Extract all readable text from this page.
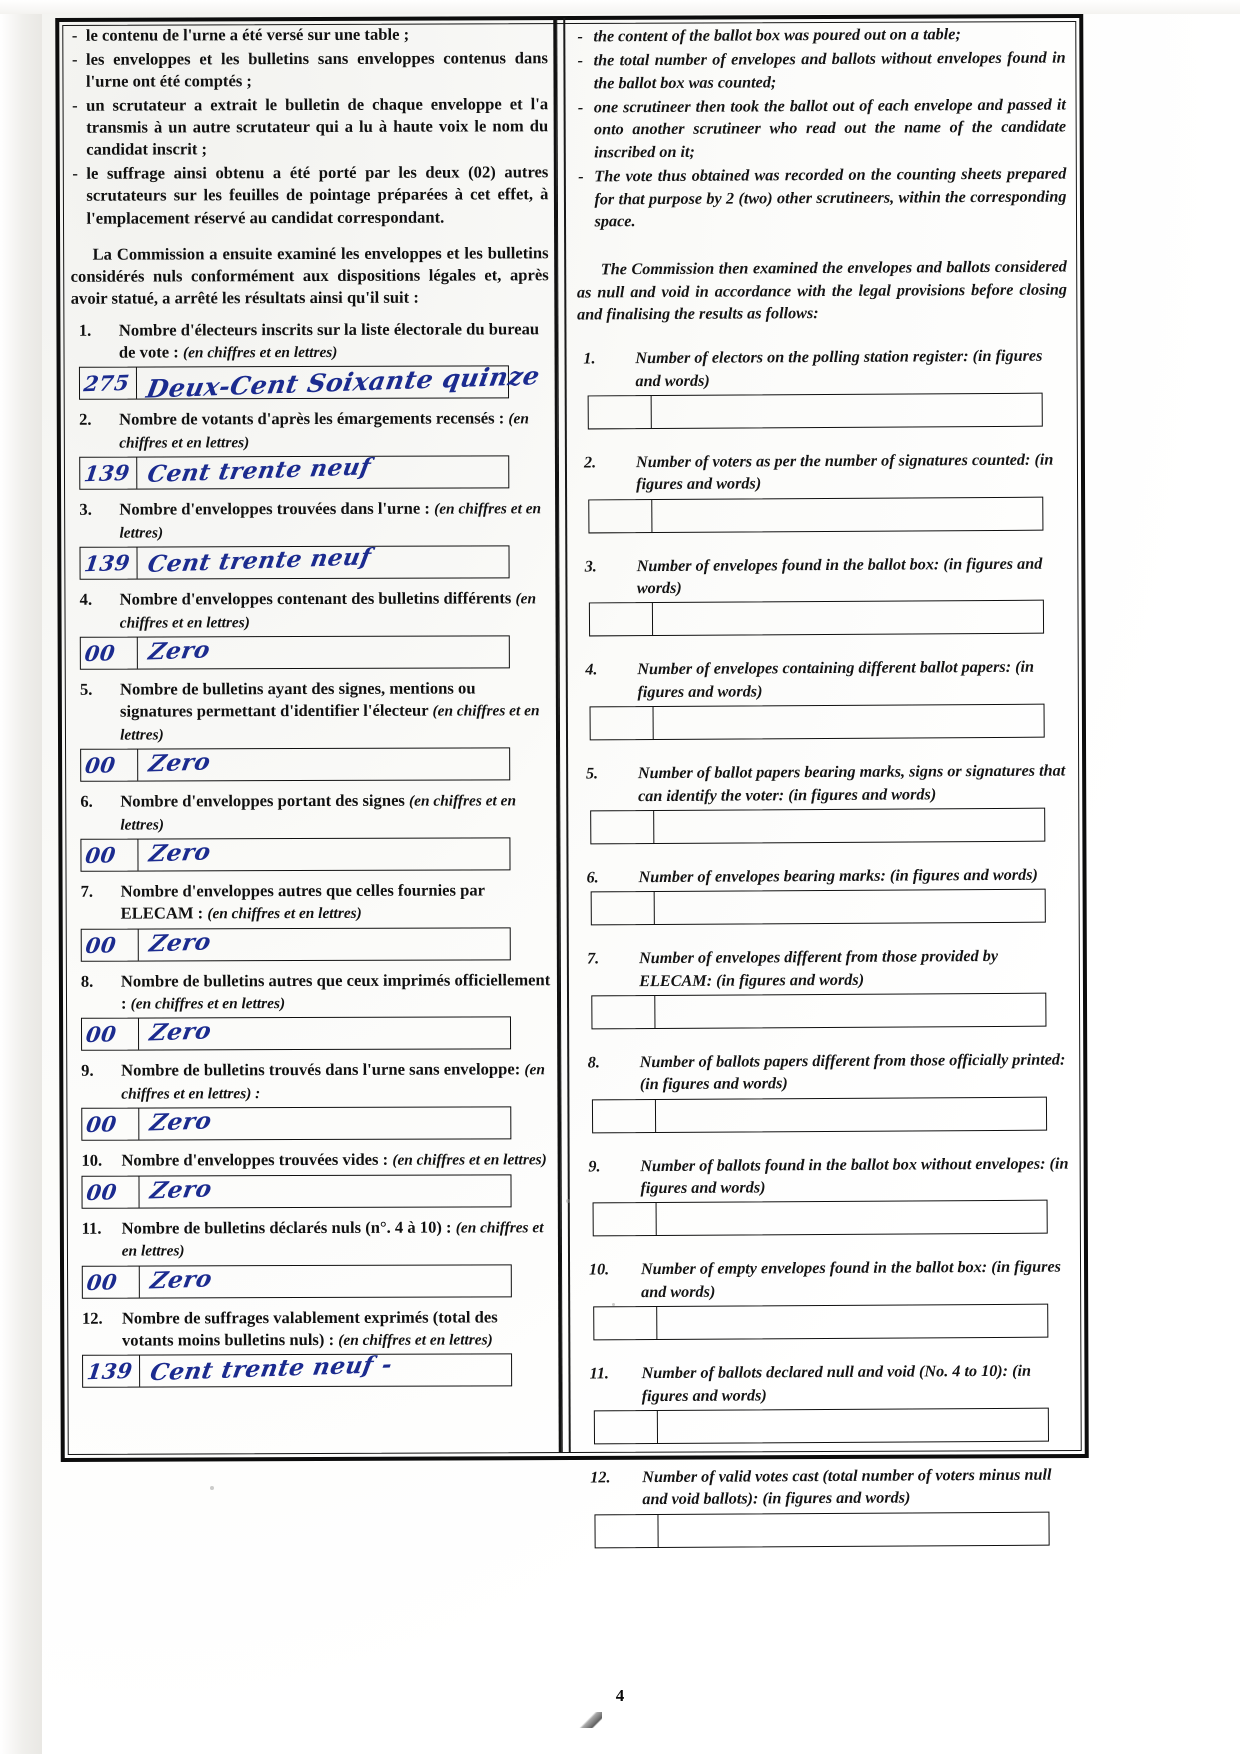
- le contenu de l'urne a été versé sur une table ;
- les enveloppes et les bulletins sans enveloppes contenus dans l'urne ont été comptés ;
- un scrutateur a extrait le bulletin de chaque enveloppe et l'a transmis à un autre scrutateur qui a lu à haute voix le nom du candidat inscrit ;
- le suffrage ainsi obtenu a été porté par les deux (02) autres scrutateurs sur les feuilles de pointage préparées à cet effet, à l'emplacement réservé au candidat correspondant.

La Commission a ensuite examiné les enveloppes et les bulletins considérés nuls conformément aux dispositions légales et, après avoir statué, a arrêté les résultats ainsi qu'il suit :

1.	Nombre d'électeurs inscrits sur la liste électorale du bureau de vote : (en chiffres et en lettres)
275 Deux-Cent Soixante quinze
2.	Nombre de votants d'après les émargements recensés : (en chiffres et en lettres)
139 Cent trente neuf
3.	Nombre d'enveloppes trouvées dans l'urne : (en chiffres et en lettres)
139 Cent trente neuf
4.	Nombre d'enveloppes contenant des bulletins différents (en chiffres et en lettres)
00 Zero
5.	Nombre de bulletins ayant des signes, mentions ou signatures permettant d'identifier l'électeur (en chiffres et en lettres)
00 Zero
6.	Nombre d'enveloppes portant des signes (en chiffres et en lettres)
00 Zero
7.	Nombre d'enveloppes autres que celles fournies par ELECAM : (en chiffres et en lettres)
00 Zero
8.	Nombre de bulletins autres que ceux imprimés officiellement : (en chiffres et en lettres)
00 Zero
9.	Nombre de bulletins trouvés dans l'urne sans enveloppe: (en chiffres et en lettres) :
00 Zero
10.	Nombre d'enveloppes trouvées vides : (en chiffres et en lettres)
00 Zero
11.	Nombre de bulletins déclarés nuls (n°. 4 à 10) : (en chiffres et en lettres)
00 Zero
12.	Nombre de suffrages valablement exprimés (total des votants moins bulletins nuls) : (en chiffres et en lettres)
139 Cent trente neuf -
- the content of the ballot box was poured out on a table;
- the total number of envelopes and ballots without envelopes found in the ballot box was counted;
- one scrutineer then took the ballot out of each envelope and passed it onto another scrutineer who read out the name of the candidate inscribed on it;
- The vote thus obtained was recorded on the counting sheets prepared for that purpose by 2 (two) other scrutineers, within the corresponding space.

The Commission then examined the envelopes and ballots considered as null and void in accordance with the legal provisions before closing and finalising the results as follows:

1.	Number of electors on the polling station register: (in figures and words)
2.	Number of voters as per the number of signatures counted: (in figures and words)
3.	Number of envelopes found in the ballot box: (in figures and words)
4.	Number of envelopes containing different ballot papers: (in figures and words)
5.	Number of ballot papers bearing marks, signs or signatures that can identify the voter: (in figures and words)
6.	Number of envelopes bearing marks: (in figures and words)
7.	Number of envelopes different from those provided by ELECAM: (in figures and words)
8.	Number of ballots papers different from those officially printed: (in figures and words)
9.	Number of ballots found in the ballot box without envelopes: (in figures and words)
10.	Number of empty envelopes found in the ballot box: (in figures and words)
11.	Number of ballots declared null and void (No. 4 to 10): (in figures and words)
12.	Number of valid votes cast (total number of voters minus null and void ballots): (in figures and words)
4
